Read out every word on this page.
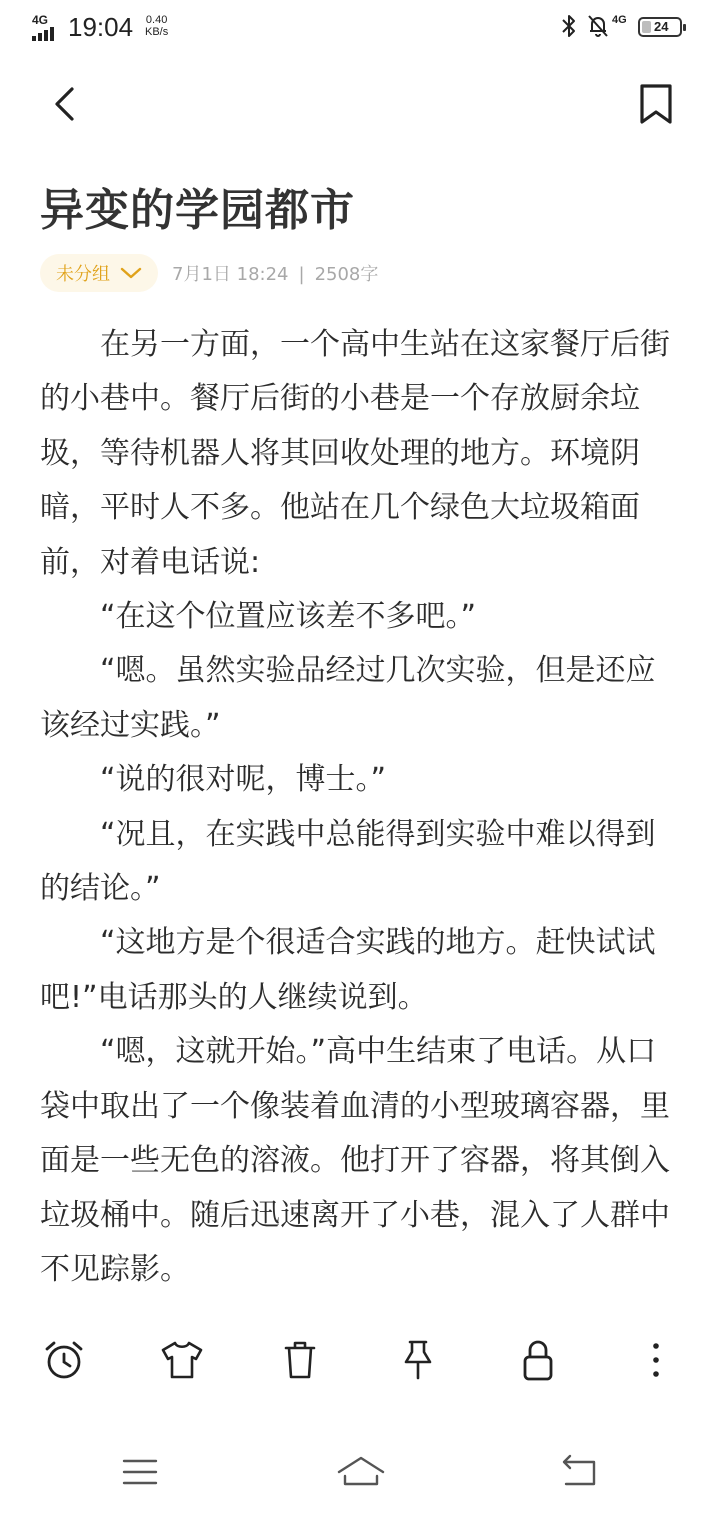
4G 19:04 0.40
KB/s
4G 24
异变的学园都市
未分组	7月1日 18:24 | 2508字

在另一方面，一个高中生站在这家餐厅后街的小巷中。餐厅后街的小巷是一个存放厨余垃圾，等待机器人将其回收处理的地方。环境阴暗，平时人不多。他站在几个绿色大垃圾箱面前，对着电话说:

“在这个位置应该差不多吧。”

“嗯。虽然实验品经过几次实验，但是还应该经过实践。”

“说的很对呢，博士。”

“况且，在实践中总能得到实验中难以得到的结论。”

“这地方是个很适合实践的地方。赶快试试吧!”电话那头的人继续说到。

“嗯，这就开始。”高中生结束了电话。从口袋中取出了一个像装着血清的小型玻璃容器，里面是一些无色的溶液。他打开了容器，将其倒入垃圾桶中。随后迅速离开了小巷，混入了人群中不见踪影。
